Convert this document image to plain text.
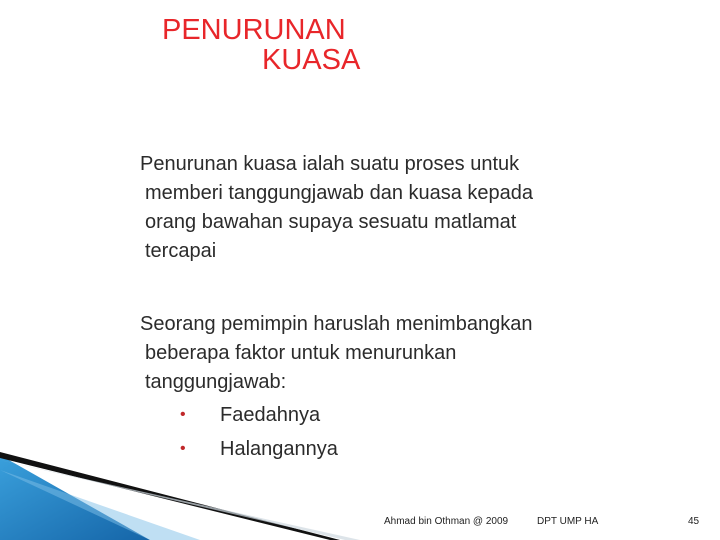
PENURUNAN
KUASA
Penurunan kuasa ialah suatu proses untuk
memberi tanggungjawab dan kuasa kepada
orang bawahan supaya sesuatu matlamat
tercapai
Seorang pemimpin haruslah menimbangkan
beberapa faktor untuk menurunkan
tanggungjawab:
•	Faedahnya
•	Halangannya
Ahmad bin Othman @ 2009	DPT UMP HA	45
